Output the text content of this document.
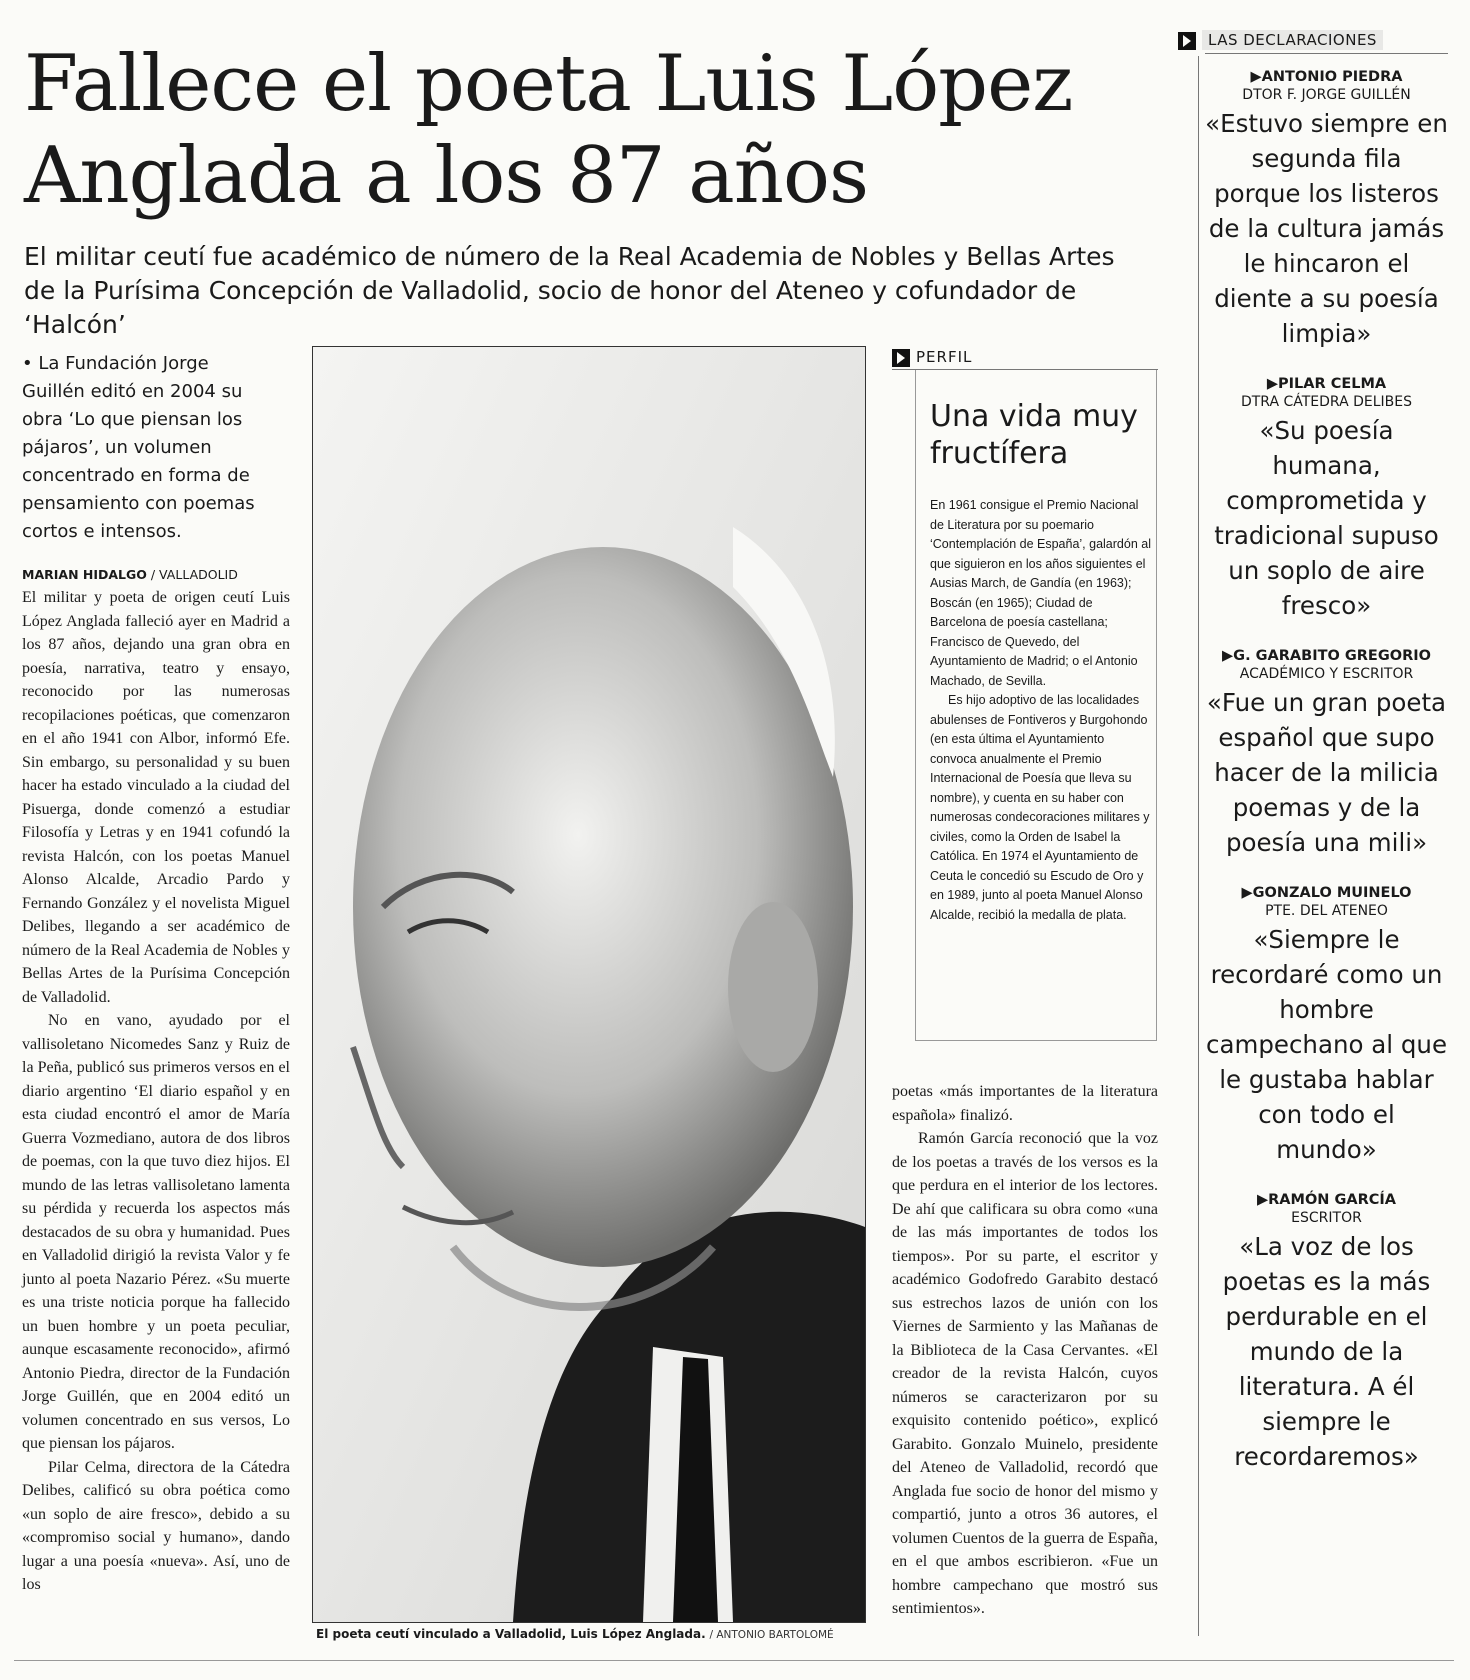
Fallece el poeta Luis López
Anglada a los 87 años

El militar ceutí fue académico de número de la Real Academia de Nobles y Bellas Artes de la Purísima Concepción de Valladolid, socio de honor del Ateneo y cofundador de ‘Halcón’

• La Fundación Jorge Guillén editó en 2004 su obra ‘Lo que piensan los pájaros’, un volumen concentrado en forma de pensamiento con poemas cortos e intensos.

MARIAN HIDALGO / VALLADOLID

El militar y poeta de origen ceutí Luis López Anglada falleció ayer en Madrid a los 87 años, dejando una gran obra en poesía, narrativa, teatro y ensayo, reconocido por las numerosas recopilaciones poéticas, que comenzaron en el año 1941 con Albor, informó Efe. Sin embargo, su personalidad y su buen hacer ha estado vinculado a la ciudad del Pisuerga, donde comenzó a estudiar Filosofía y Letras y en 1941 cofundó la revista Halcón, con los poetas Manuel Alonso Alcalde, Arcadio Pardo y Fernando González y el novelista Miguel Delibes, llegando a ser académico de número de la Real Academia de Nobles y Bellas Artes de la Purísima Concepción de Valladolid.

No en vano, ayudado por el vallisoletano Nicomedes Sanz y Ruiz de la Peña, publicó sus primeros versos en el diario argentino ‘El diario español y en esta ciudad encontró el amor de María Guerra Vozmediano, autora de dos libros de poemas, con la que tuvo diez hijos. El mundo de las letras vallisoletano lamenta su pérdida y recuerda los aspectos más destacados de su obra y humanidad. Pues en Valladolid dirigió la revista Valor y fe junto al poeta Nazario Pérez. «Su muerte es una triste noticia porque ha fallecido un buen hombre y un poeta peculiar, aunque escasamente reconocido», afirmó Antonio Piedra, director de la Fundación Jorge Guillén, que en 2004 editó un volumen concentrado en sus versos, Lo que piensan los pájaros.

Pilar Celma, directora de la Cátedra Delibes, calificó su obra poética como «un soplo de aire fresco», debido a su «compromiso social y humano», dando lugar a una poesía «nueva». Así, uno de los

El poeta ceutí vinculado a Valladolid, Luis López Anglada. / ANTONIO BARTOLOMÉ
PERFIL
Una vida muy fructífera

En 1961 consigue el Premio Nacional de Literatura por su poemario ‘Contemplación de España’, galardón al que siguieron en los años siguientes el Ausias March, de Gandía (en 1963); Boscán (en 1965); Ciudad de Barcelona de poesía castellana; Francisco de Quevedo, del Ayuntamiento de Madrid; o el Antonio Machado, de Sevilla.

Es hijo adoptivo de las localidades abulenses de Fontiveros y Burgohondo (en esta última el Ayuntamiento convoca anualmente el Premio Internacional de Poesía que lleva su nombre), y cuenta en su haber con numerosas condecoraciones militares y civiles, como la Orden de Isabel la Católica. En 1974 el Ayuntamiento de Ceuta le concedió su Escudo de Oro y en 1989, junto al poeta Manuel Alonso Alcalde, recibió la medalla de plata.

poetas «más importantes de la literatura española» finalizó.

Ramón García reconoció que la voz de los poetas a través de los versos es la que perdura en el interior de los lectores. De ahí que calificara su obra como «una de las más importantes de todos los tiempos». Por su parte, el escritor y académico Godofredo Garabito destacó sus estrechos lazos de unión con los Viernes de Sarmiento y las Mañanas de la Biblioteca de la Casa Cervantes. «El creador de la revista Halcón, cuyos números se caracterizaron por su exquisito contenido poético», explicó Garabito. Gonzalo Muinelo, presidente del Ateneo de Valladolid, recordó que Anglada fue socio de honor del mismo y compartió, junto a otros 36 autores, el volumen Cuentos de la guerra de España, en el que ambos escribieron. «Fue un hombre campechano que mostró sus sentimientos».

LAS DECLARACIONES
▶ANTONIO PIEDRA
DTOR F. JORGE GUILLÉN
«Estuvo siempre en segunda fila porque los listeros de la cultura jamás le hincaron el diente a su poesía limpia»
▶PILAR CELMA
DTRA CÁTEDRA DELIBES
«Su poesía humana, comprometida y tradicional supuso un soplo de aire fresco»
▶G. GARABITO GREGORIO
ACADÉMICO Y ESCRITOR
«Fue un gran poeta español que supo hacer de la milicia poemas y de la poesía una mili»
▶GONZALO MUINELO
PTE. DEL ATENEO
«Siempre le recordaré como un hombre campechano al que le gustaba hablar con todo el mundo»
▶RAMÓN GARCÍA
ESCRITOR
«La voz de los poetas es la más perdurable en el mundo de la literatura. A él siempre le recordaremos»
